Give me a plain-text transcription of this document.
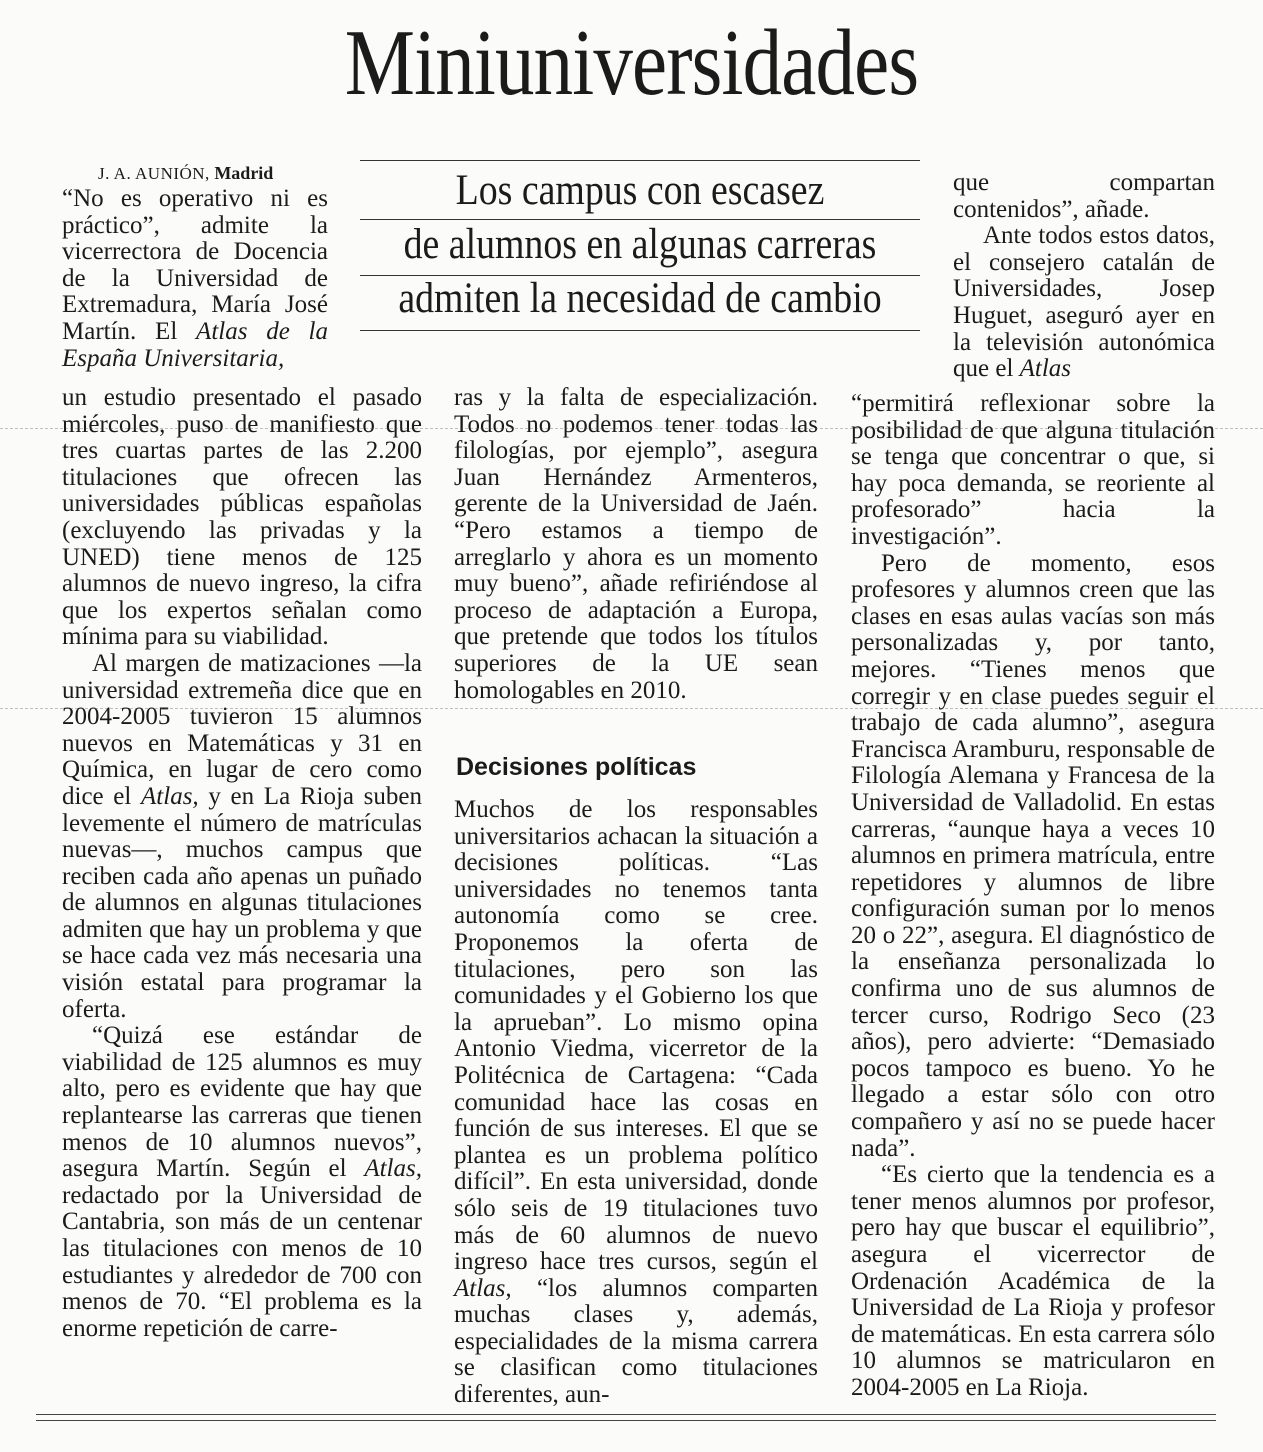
Miniuniversidades
J. A. AUNIÓN, Madrid

“No es operativo ni es práctico”, admite la vicerrectora de Docencia de la Universidad de Extremadura, María José Martín. El Atlas de la España Universitaria,

un estudio presentado el pasado miércoles, puso de manifiesto que tres cuartas partes de las 2.200 titulaciones que ofrecen las universidades públicas españolas (excluyendo las privadas y la UNED) tiene menos de 125 alumnos de nuevo ingreso, la cifra que los expertos señalan como mínima para su viabilidad.

Al margen de matizaciones —la universidad extremeña dice que en 2004-2005 tuvieron 15 alumnos nuevos en Matemáticas y 31 en Química, en lugar de cero como dice el Atlas, y en La Rioja suben levemente el número de matrículas nuevas—, muchos campus que reciben cada año apenas un puñado de alumnos en algunas titulaciones admiten que hay un problema y que se hace cada vez más necesaria una visión estatal para programar la oferta.

“Quizá ese estándar de viabilidad de 125 alumnos es muy alto, pero es evidente que hay que replantearse las carreras que tienen menos de 10 alumnos nuevos”, asegura Martín. Según el Atlas, redactado por la Universidad de Cantabria, son más de un centenar las titulaciones con menos de 10 estudiantes y alrededor de 700 con menos de 70. “El problema es la enorme repetición de carre-

Los campus con escasez
de alumnos en algunas carreras
admiten la necesidad de cambio

ras y la falta de especialización. Todos no podemos tener todas las filologías, por ejemplo”, asegura Juan Hernández Armenteros, gerente de la Universidad de Jaén. “Pero estamos a tiempo de arreglarlo y ahora es un momento muy bueno”, añade refiriéndose al proceso de adaptación a Europa, que pretende que todos los títulos superiores de la UE sean homologables en 2010.

Decisiones políticas

Muchos de los responsables universitarios achacan la situación a decisiones políticas. “Las universidades no tenemos tanta autonomía como se cree. Proponemos la oferta de titulaciones, pero son las comunidades y el Gobierno los que la aprueban”. Lo mismo opina Antonio Viedma, vicerretor de la Politécnica de Cartagena: “Cada comunidad hace las cosas en función de sus intereses. El que se plantea es un problema político difícil”. En esta universidad, donde sólo seis de 19 titulaciones tuvo más de 60 alumnos de nuevo ingreso hace tres cursos, según el Atlas, “los alumnos comparten muchas clases y, además, especialidades de la misma carrera se clasifican como titulaciones diferentes, aun-

que compartan contenidos”, añade.

Ante todos estos datos, el consejero catalán de Universidades, Josep Huguet, aseguró ayer en la televisión autonómica que el Atlas

“permitirá reflexionar sobre la posibilidad de que alguna titulación se tenga que concentrar o que, si hay poca demanda, se reoriente al profesorado” hacia la investigación”.

Pero de momento, esos profesores y alumnos creen que las clases en esas aulas vacías son más personalizadas y, por tanto, mejores. “Tienes menos que corregir y en clase puedes seguir el trabajo de cada alumno”, asegura Francisca Aramburu, responsable de Filología Alemana y Francesa de la Universidad de Valladolid. En estas carreras, “aunque haya a veces 10 alumnos en primera matrícula, entre repetidores y alumnos de libre configuración suman por lo menos 20 o 22”, asegura. El diagnóstico de la enseñanza personalizada lo confirma uno de sus alumnos de tercer curso, Rodrigo Seco (23 años), pero advierte: “Demasiado pocos tampoco es bueno. Yo he llegado a estar sólo con otro compañero y así no se puede hacer nada”.

“Es cierto que la tendencia es a tener menos alumnos por profesor, pero hay que buscar el equilibrio”, asegura el vicerrector de Ordenación Académica de la Universidad de La Rioja y profesor de matemáticas. En esta carrera sólo 10 alumnos se matricularon en 2004-2005 en La Rioja.
